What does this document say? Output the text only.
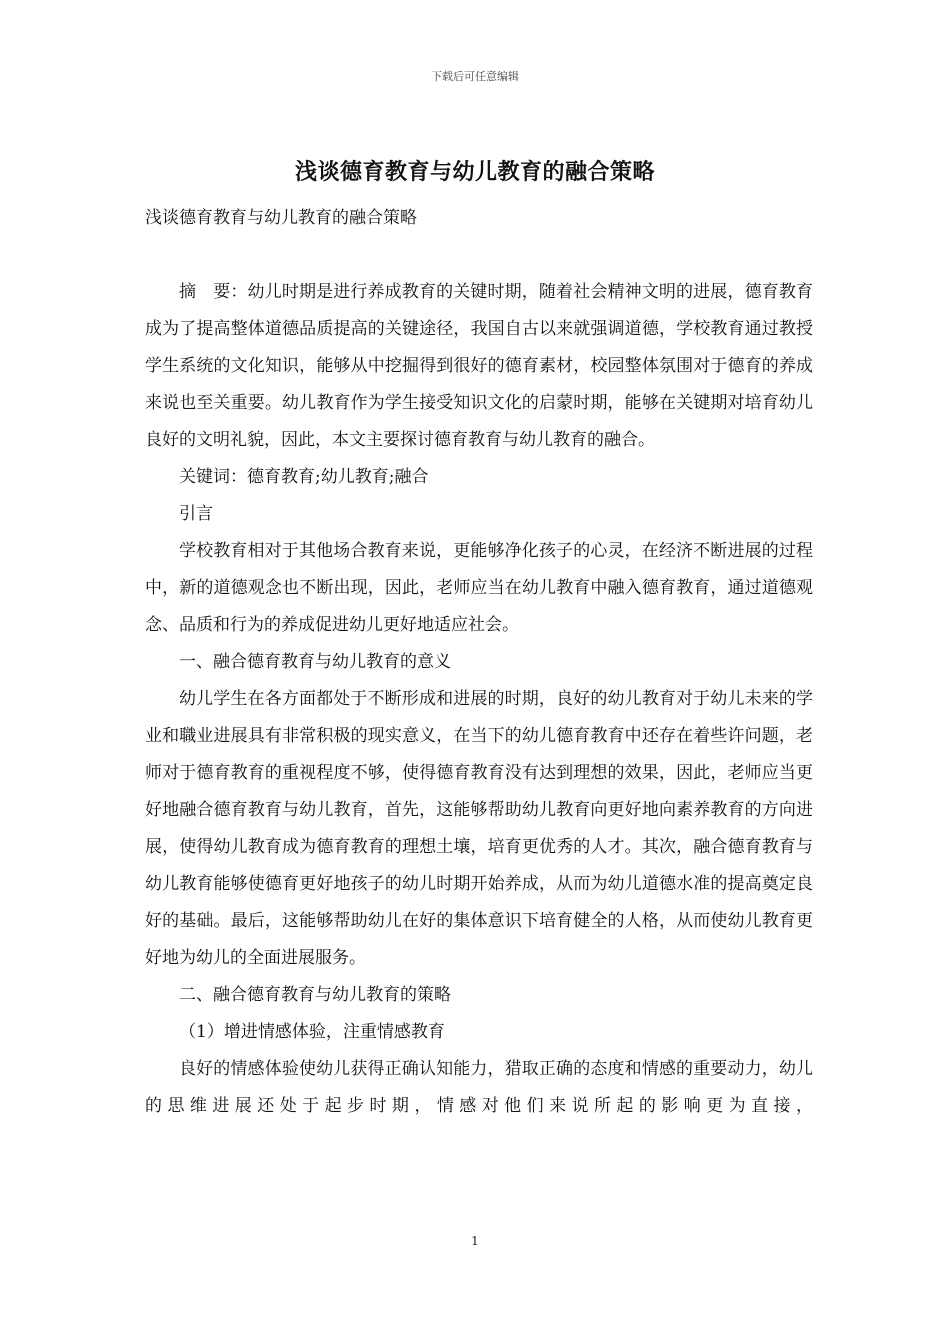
下载后可任意编辑
浅谈德育教育与幼儿教育的融合策略

浅谈德育教育与幼儿教育的融合策略

摘　要：幼儿时期是进行养成教育的关键时期，随着社会精神文明的进展，德育教育成为了提高整体道德品质提高的关键途径，我国自古以来就强调道德，学校教育通过教授学生系统的文化知识，能够从中挖掘得到很好的德育素材，校园整体氛围对于德育的养成来说也至关重要。幼儿教育作为学生接受知识文化的启蒙时期，能够在关键期对培育幼儿良好的文明礼貌，因此，本文主要探讨德育教育与幼儿教育的融合。

关键词：德育教育;幼儿教育;融合

引言

学校教育相对于其他场合教育来说，更能够净化孩子的心灵，在经济不断进展的过程中，新的道德观念也不断出现，因此，老师应当在幼儿教育中融入德育教育，通过道德观念、品质和行为的养成促进幼儿更好地适应社会。

一、融合德育教育与幼儿教育的意义

幼儿学生在各方面都处于不断形成和进展的时期，良好的幼儿教育对于幼儿未来的学业和職业进展具有非常积极的现实意义，在当下的幼儿德育教育中还存在着些许问题，老师对于德育教育的重视程度不够，使得德育教育没有达到理想的效果，因此，老师应当更好地融合德育教育与幼儿教育，首先，这能够帮助幼儿教育向更好地向素养教育的方向进展，使得幼儿教育成为德育教育的理想土壤，培育更优秀的人才。其次，融合德育教育与幼儿教育能够使德育更好地孩子的幼儿时期开始养成，从而为幼儿道德水准的提高奠定良好的基础。最后，这能够帮助幼儿在好的集体意识下培育健全的人格，从而使幼儿教育更好地为幼儿的全面进展服务。

二、融合德育教育与幼儿教育的策略

（1）增进情感体验，注重情感教育

良好的情感体验使幼儿获得正确认知能力，猎取正确的态度和情感的重要动力，幼儿的思维进展还处于起步时期，情感对他们来说所起的影响更为直接，

1
